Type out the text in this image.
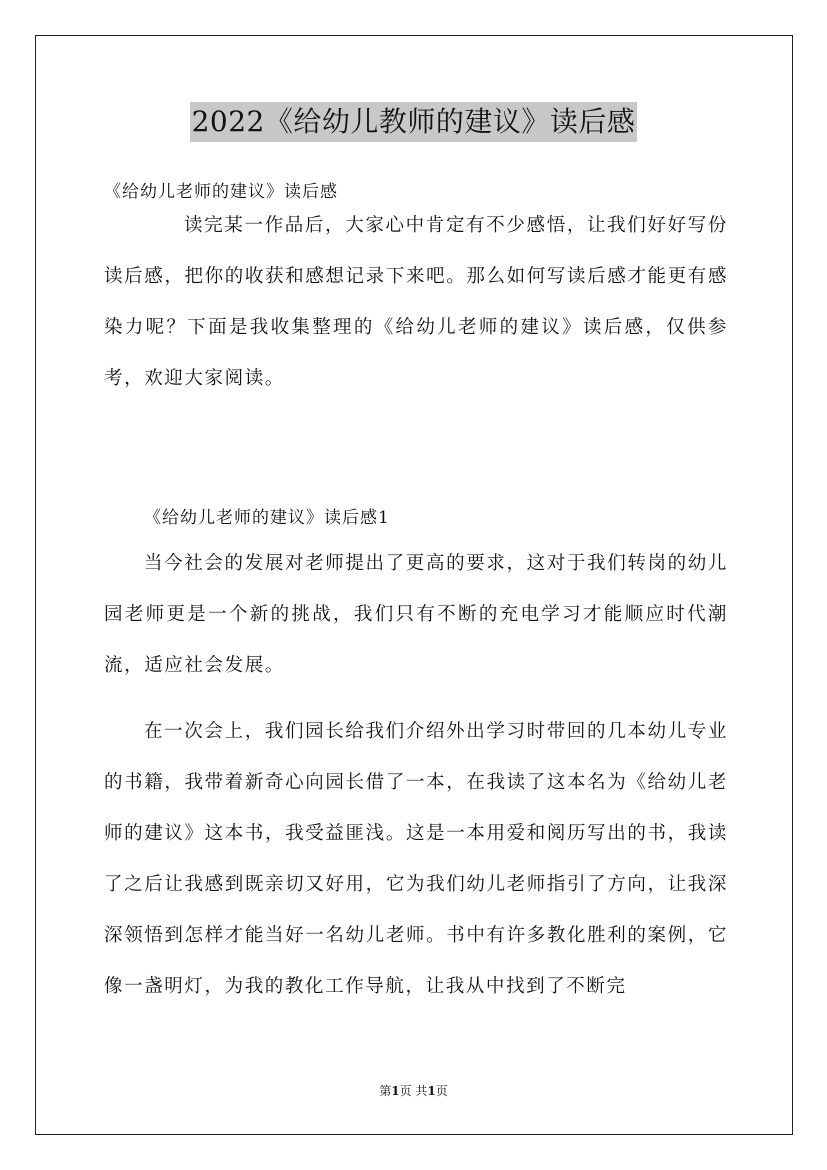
2022《给幼儿教师的建议》读后感
《给幼儿老师的建议》读后感

读完某一作品后，大家心中肯定有不少感悟，让我们好好写份读后感，把你的收获和感想记录下来吧。那么如何写读后感才能更有感染力呢？下面是我收集整理的《给幼儿老师的建议》读后感，仅供参考，欢迎大家阅读。

《给幼儿老师的建议》读后感1

当今社会的发展对老师提出了更高的要求，这对于我们转岗的幼儿园老师更是一个新的挑战，我们只有不断的充电学习才能顺应时代潮流，适应社会发展。

在一次会上，我们园长给我们介绍外出学习时带回的几本幼儿专业的书籍，我带着新奇心向园长借了一本，在我读了这本名为《给幼儿老师的建议》这本书，我受益匪浅。这是一本用爱和阅历写出的书，我读了之后让我感到既亲切又好用，它为我们幼儿老师指引了方向，让我深深领悟到怎样才能当好一名幼儿老师。书中有许多教化胜利的案例，它像一盏明灯，为我的教化工作导航，让我从中找到了不断完

第1页 共1页
